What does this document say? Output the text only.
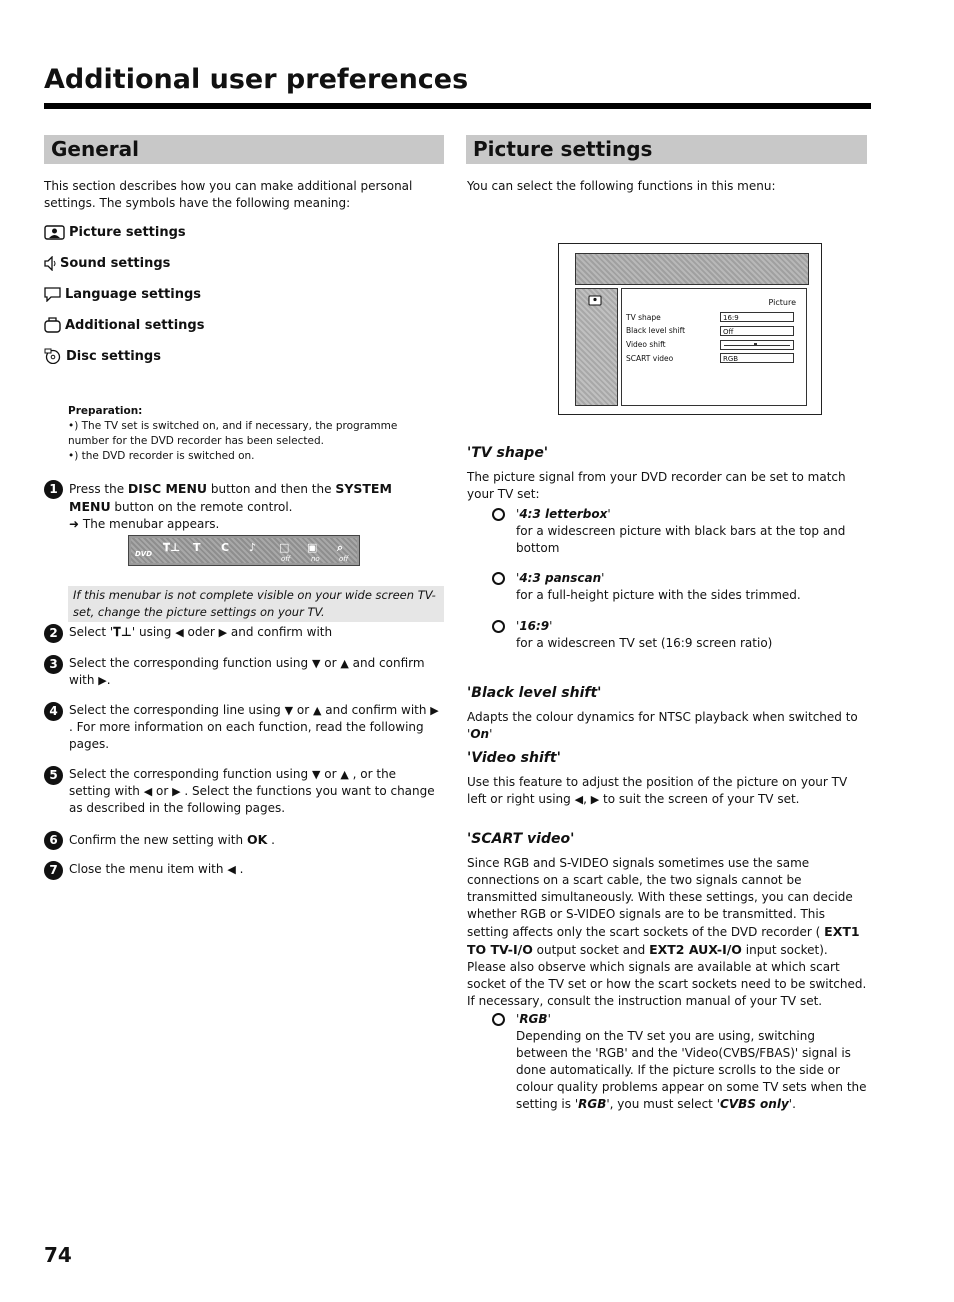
Additional user preferences
General
This section describes how you can make additional personal settings. The symbols have the following meaning:
Picture settings
Sound settings
Language settings
Additional settings
Disc settings
Preparation:
•) The TV set is switched on, and if necessary, the programme number for the DVD recorder has been selected.
•) the DVD recorder is switched on.
1 Press the DISC MENU button and then the SYSTEM MENU button on the remote control.
➜ The menubar appears.
DVD 𝐓⊥ T C ♪ □ ▣ ⌕
off	no	off
If this menubar is not complete visible on your wide screen TV-set, change the picture settings on your TV.
2 Select '𝐓⊥' using ◀ oder ▶ and confirm with
3 Select the corresponding function using ▼ or ▲ and confirm with ▶.
4 Select the corresponding line using ▼ or ▲ and confirm with ▶ . For more information on each function, read the following pages.
5 Select the corresponding function using ▼ or ▲ , or the setting with ◀ or ▶ . Select the functions you want to change as described in the following pages.
6 Confirm the new setting with OK .
7 Close the menu item with ◀ .
Picture settings
You can select the following functions in this menu:
Picture
TV shape	16:9
Black level shift	Off
Video shift
SCART video	RGB
'TV shape'
The picture signal from your DVD recorder can be set to match your TV set:
'4:3 letterbox'
for a widescreen picture with black bars at the top and bottom
'4:3 panscan'
for a full-height picture with the sides trimmed.
'16:9'
for a widescreen TV set (16:9 screen ratio)
'Black level shift'
Adapts the colour dynamics for NTSC playback when switched to 'On'
'Video shift'
Use this feature to adjust the position of the picture on your TV left or right using ◀, ▶ to suit the screen of your TV set.
'SCART video'
Since RGB and S-VIDEO signals sometimes use the same connections on a scart cable, the two signals cannot be transmitted simultaneously. With these settings, you can decide whether RGB or S-VIDEO signals are to be transmitted. This setting affects only the scart sockets of the DVD recorder ( EXT1 TO TV-I/O output socket and EXT2 AUX-I/O input socket).
Please also observe which signals are available at which scart socket of the TV set or how the scart sockets need to be switched.
If necessary, consult the instruction manual of your TV set.
'RGB'
Depending on the TV set you are using, switching between the 'RGB' and the 'Video(CVBS/FBAS)' signal is done automatically. If the picture scrolls to the side or colour quality problems appear on some TV sets when the setting is 'RGB', you must select 'CVBS only'.
74
